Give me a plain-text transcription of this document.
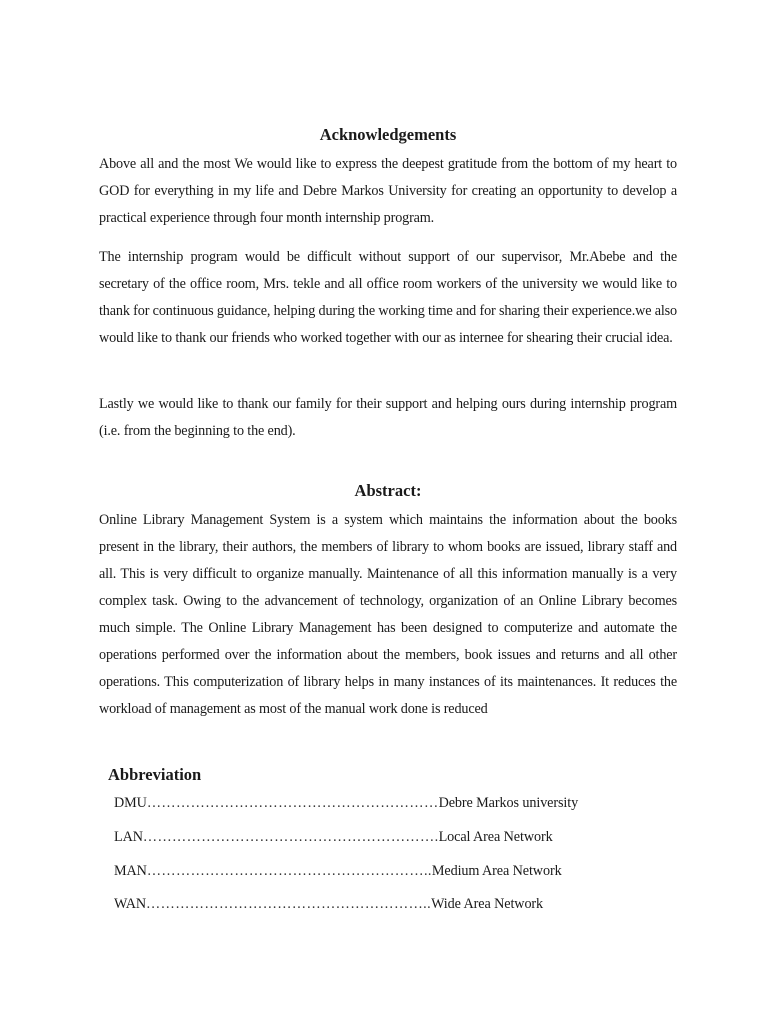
Acknowledgements

Above all and the most We would like to express the deepest gratitude from the bottom of my heart to GOD for everything in my life and Debre Markos University for creating an opportunity to develop a practical experience through four month internship program.

The internship program would be difficult without support of our supervisor, Mr.Abebe and the secretary of the office room, Mrs. tekle and all office room workers of the university we would like to thank for continuous guidance, helping during the working time and for sharing their experience.we also would like to thank our friends who worked together with our as internee for shearing their crucial idea.

Lastly we would like to thank our family for their support and helping ours during internship program (i.e. from the beginning to the end).

Abstract:

Online Library Management System is a system which maintains the information about the books present in the library, their authors, the members of library to whom books are issued, library staff and all. This is very difficult to organize manually. Maintenance of all this information manually is a very complex task. Owing to the advancement of technology, organization of an Online Library becomes much simple. The Online Library Management has been designed to computerize and automate the operations performed over the information about the members, book issues and returns and all other operations. This computerization of library helps in many instances of its maintenances. It reduces the workload of management as most of the manual work done is reduced

Abbreviation
DMU……………………………………………………Debre Markos university
LAN…………………………………………………….Local Area Network
MAN…………………………………………………..Medium Area Network
WAN…………………………………………………..Wide Area Network
